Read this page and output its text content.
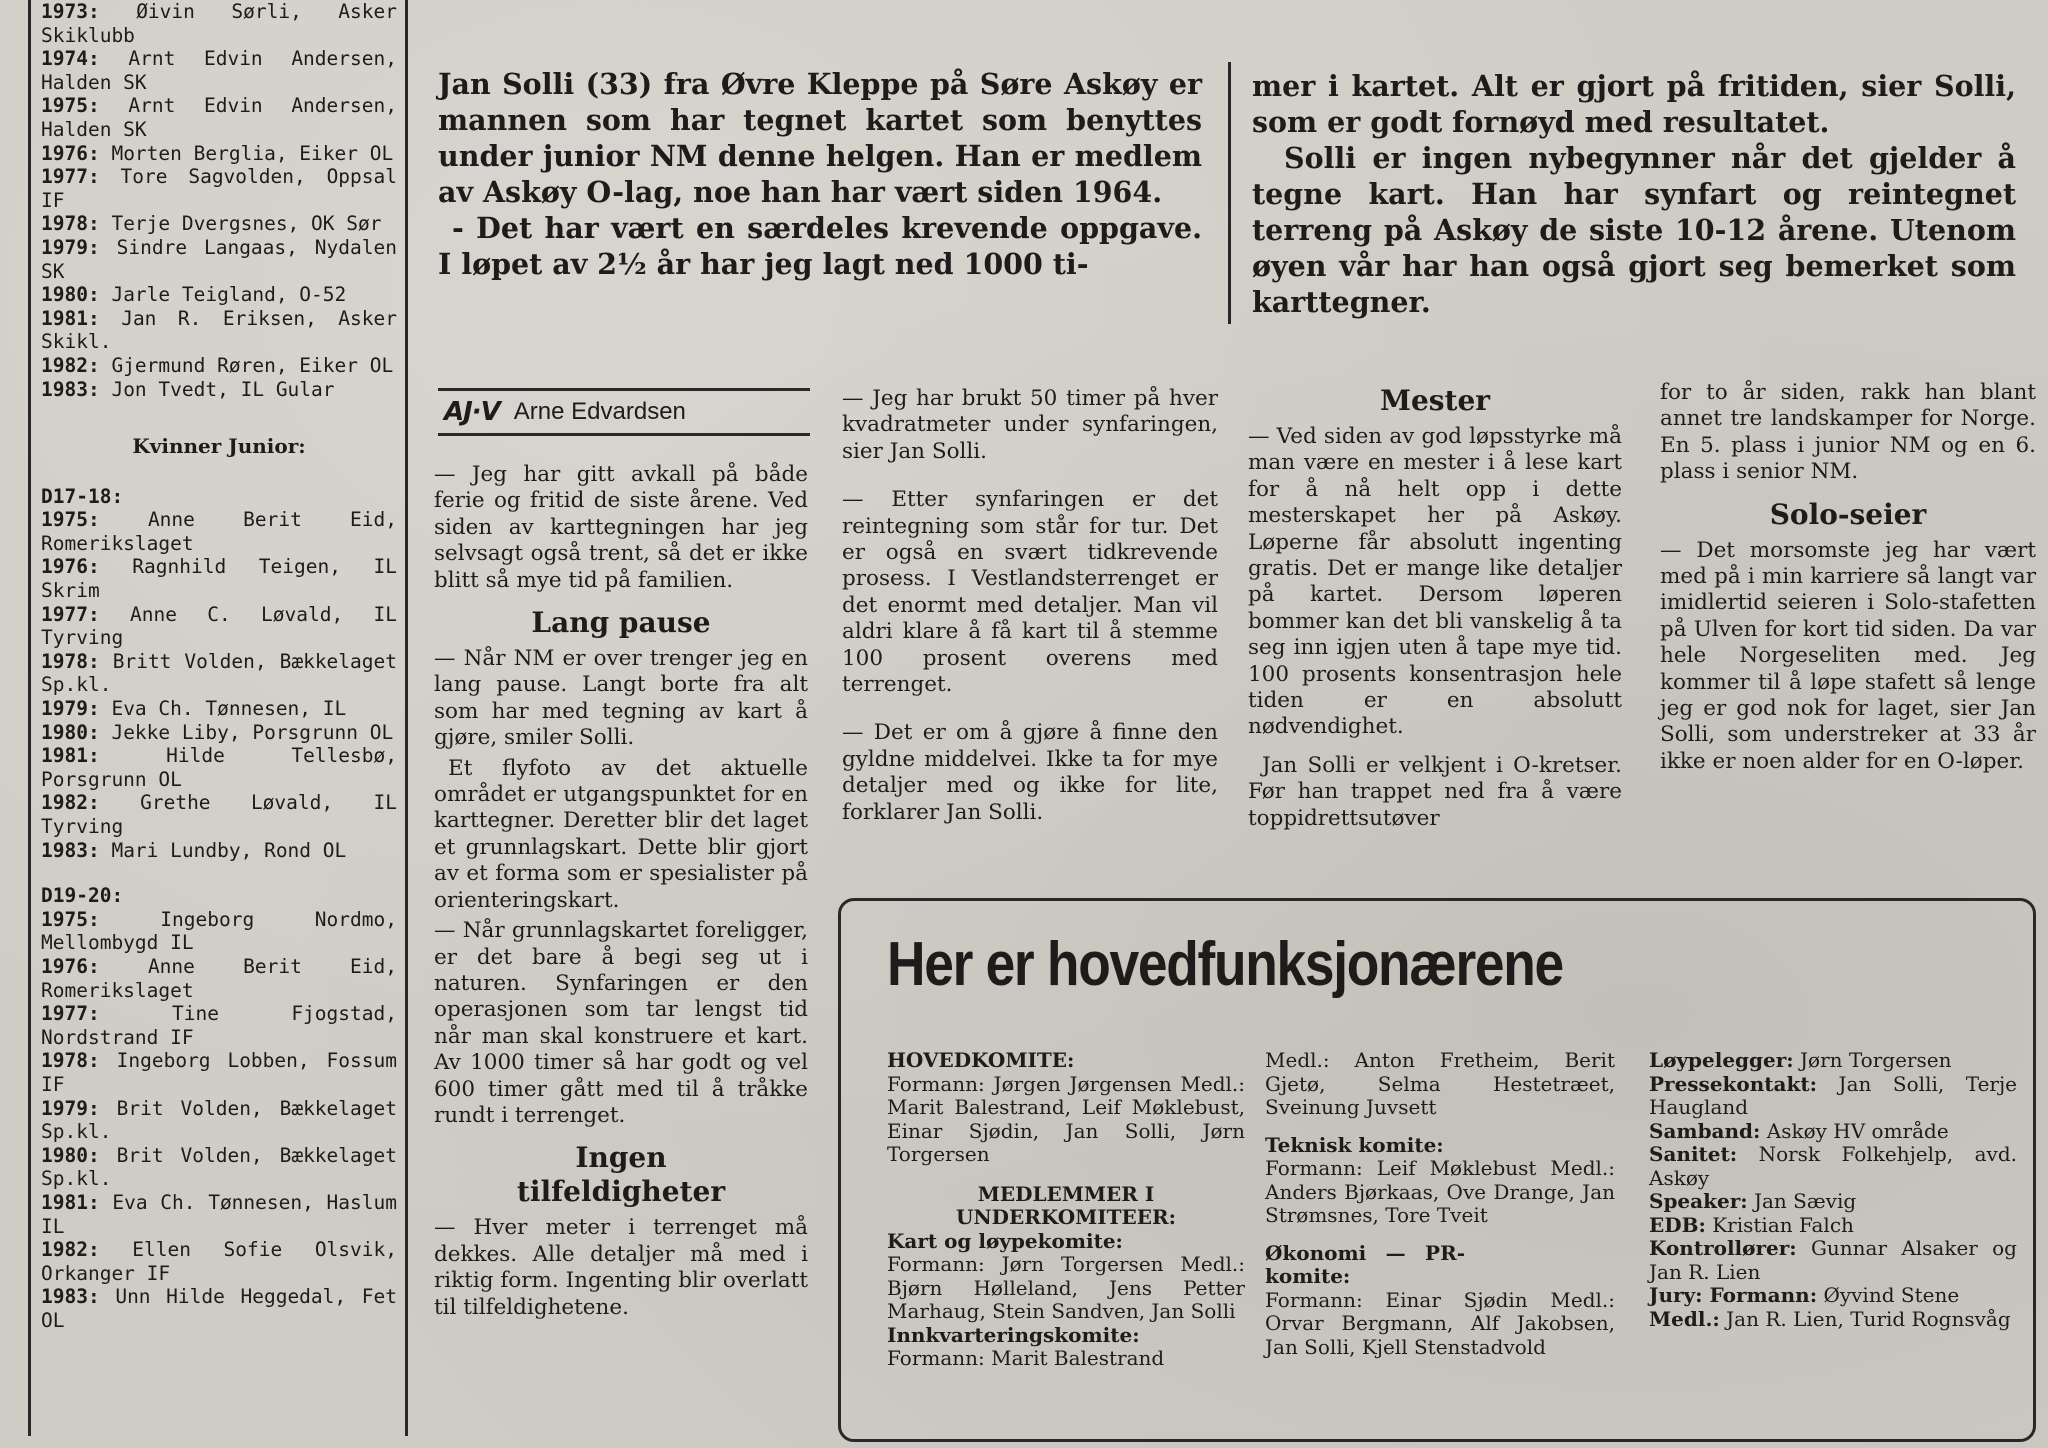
1973: Øivin Sørli, Asker Skiklubb
1974: Arnt Edvin Andersen, Halden SK
1975: Arnt Edvin Andersen, Halden SK
1976: Morten Berglia, Eiker OL
1977: Tore Sagvolden, Oppsal IF
1978: Terje Dvergsnes, OK Sør
1979: Sindre Langaas, Nydalen SK
1980: Jarle Teigland, O-52
1981: Jan R. Eriksen, Asker Skikl.
1982: Gjermund Røren, Eiker OL
1983: Jon Tvedt, IL Gular
Kvinner Junior:
D17-18:
1975: Anne Berit Eid, Romerikslaget
1976: Ragnhild Teigen, IL Skrim
1977: Anne C. Løvald, IL Tyrving
1978: Britt Volden, Bækkelaget Sp.kl.
1979: Eva Ch. Tønnesen, IL
1980: Jekke Liby, Porsgrunn OL
1981:	Hilde Tellesbø, Porsgrunn OL
1982: Grethe Løvald, IL Tyrving
1983: Mari Lundby, Rond OL
D19-20:
1975:	Ingeborg Nordmo, Mellombygd IL
1976: Anne Berit Eid, Romerikslaget
1977:	Tine Fjogstad, Nordstrand IF
1978: Ingeborg Lobben, Fossum IF
1979: Brit Volden, Bækkelaget Sp.kl.
1980: Brit Volden, Bækkelaget Sp.kl.
1981: Eva Ch. Tønnesen, Haslum IL
1982: Ellen Sofie Olsvik, Orkanger IF
1983: Unn Hilde Heggedal, Fet OL

Jan Solli (33) fra Øvre Kleppe på Søre Askøy er mannen som har tegnet kartet som benyttes under junior NM denne helgen. Han er medlem av Askøy O-lag, noe han har vært siden 1964.

- Det har vært en særdeles krevende oppgave. I løpet av 2½ år har jeg lagt ned 1000 ti-

mer i kartet. Alt er gjort på fritiden, sier Solli, som er godt fornøyd med resultatet.

Solli er ingen nybegynner når det gjelder å tegne kart. Han har synfart og reintegnet terreng på Askøy de siste 10-12 årene. Utenom øyen vår har han også gjort seg bemerket som karttegner.

AJ·V Arne Edvardsen

— Jeg har gitt avkall på både ferie og fritid de siste årene. Ved siden av karttegningen har jeg selvsagt også trent, så det er ikke blitt så mye tid på familien.

Lang pause

— Når NM er over trenger jeg en lang pause. Langt borte fra alt som har med tegning av kart å gjøre, smiler Solli.

Et flyfoto av det aktuelle området er utgangspunktet for en karttegner. Deretter blir det laget et grunnlagskart. Dette blir gjort av et forma som er spesialister på orienteringskart.

— Når grunnlagskartet foreligger, er det bare å begi seg ut i naturen. Synfaringen er den operasjonen som tar lengst tid når man skal konstruere et kart. Av 1000 timer så har godt og vel 600 timer gått med til å tråkke rundt i terrenget.

Ingen tilfeldigheter

— Hver meter i terrenget må dekkes. Alle detaljer må med i riktig form. Ingenting blir overlatt til tilfeldighetene.

— Jeg har brukt 50 timer på hver kvadratmeter under synfaringen, sier Jan Solli.

— Etter synfaringen er det reintegning som står for tur. Det er også en svært tidkrevende prosess. I Vestlandsterrenget er det enormt med detaljer. Man vil aldri klare å få kart til å stemme 100 prosent overens med terrenget.

— Det er om å gjøre å finne den gyldne middelvei. Ikke ta for mye detaljer med og ikke for lite, forklarer Jan Solli.

Mester

— Ved siden av god løpsstyrke må man være en mester i å lese kart for å nå helt opp i dette mesterskapet her på Askøy. Løperne får absolutt ingenting gratis. Det er mange like detaljer på kartet. Dersom løperen bommer kan det bli vanskelig å ta seg inn igjen uten å tape mye tid. 100 prosents konsentrasjon hele tiden er en absolutt nødvendighet.

Jan Solli er velkjent i O-kretser. Før han trappet ned fra å være toppidrettsutøver

for to år siden, rakk han blant annet tre landskamper for Norge. En 5. plass i junior NM og en 6. plass i senior NM.

Solo-seier

— Det morsomste jeg har vært med på i min karriere så langt var imidlertid seieren i Solo-stafetten på Ulven for kort tid siden. Da var hele Norgeseliten med. Jeg kommer til å løpe stafett så lenge jeg er god nok for laget, sier Jan Solli, som understreker at 33 år ikke er noen alder for en O-løper.

Her er hovedfunksjonærene

HOVEDKOMITE:

Formann: Jørgen Jørgensen Medl.: Marit Balestrand, Leif Møklebust, Einar Sjødin, Jan Solli, Jørn Torgersen

MEDLEMMER I UNDERKOMITEER:

Kart og løypekomite:

Formann: Jørn Torgersen Medl.: Bjørn Hølleland, Jens Petter Marhaug, Stein Sandven, Jan Solli

Innkvarteringskomite:

Formann: Marit Balestrand

Medl.: Anton Fretheim, Berit Gjetø, Selma Hestetræet, Sveinung Juvsett

Teknisk komite:

Formann: Leif Møklebust Medl.: Anders Bjørkaas, Ove Drange, Jan Strømsnes, Tore Tveit

Økonomi — PR-komite:

Formann: Einar Sjødin Medl.: Orvar Bergmann, Alf Jakobsen, Jan Solli, Kjell Stenstadvold

Løypelegger: Jørn Torgersen

Pressekontakt: Jan Solli, Terje Haugland

Samband: Askøy HV område

Sanitet: Norsk Folkehjelp, avd. Askøy

Speaker: Jan Sævig

EDB: Kristian Falch

Kontrollører: Gunnar Alsaker og Jan R. Lien

Jury: Formann: Øyvind Stene

Medl.: Jan R. Lien, Turid Rognsvåg
